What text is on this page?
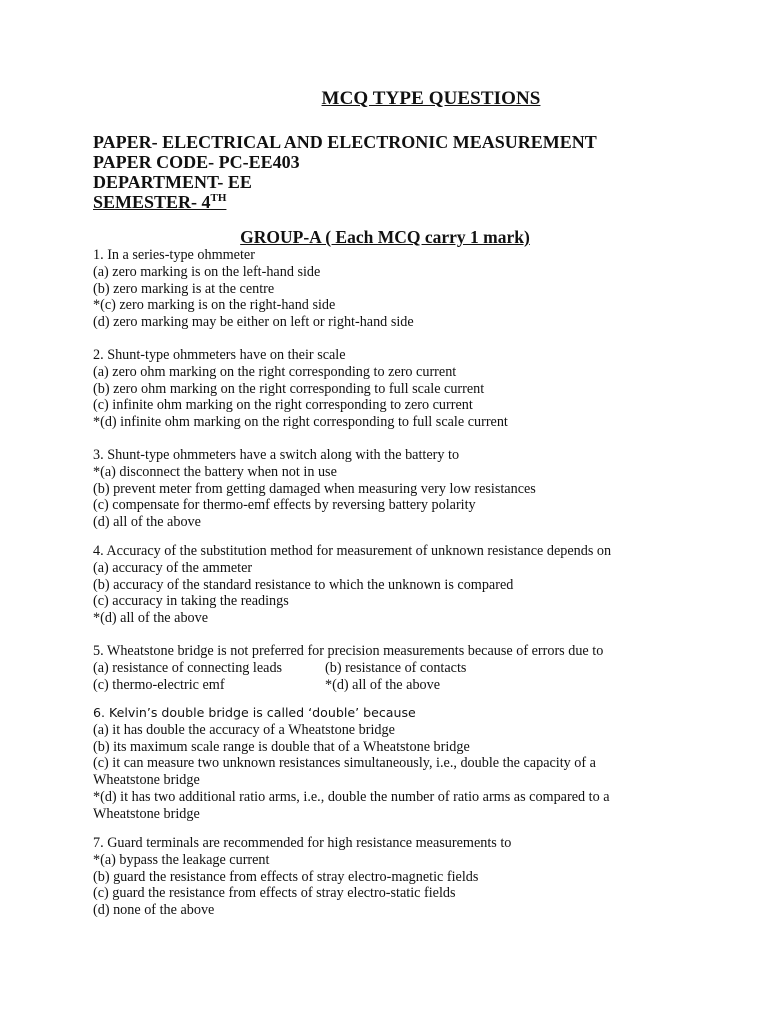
MCQ TYPE QUESTIONS
PAPER- ELECTRICAL AND ELECTRONIC MEASUREMENT
PAPER CODE- PC-EE403
DEPARTMENT- EE
SEMESTER- 4TH
GROUP-A ( Each MCQ carry 1 mark)
1. In a series-type ohmmeter
(a) zero marking is on the left-hand side
(b) zero marking is at the centre
*(c) zero marking is on the right-hand side
(d) zero marking may be either on left or right-hand side
2. Shunt-type ohmmeters have on their scale
(a) zero ohm marking on the right corresponding to zero current
(b) zero ohm marking on the right corresponding to full scale current
(c) infinite ohm marking on the right corresponding to zero current
*(d) infinite ohm marking on the right corresponding to full scale current
3. Shunt-type ohmmeters have a switch along with the battery to
*(a) disconnect the battery when not in use
(b) prevent meter from getting damaged when measuring very low resistances
(c) compensate for thermo-emf effects by reversing battery polarity
(d) all of the above
4. Accuracy of the substitution method for measurement of unknown resistance depends on
(a) accuracy of the ammeter
(b) accuracy of the standard resistance to which the unknown is compared
(c) accuracy in taking the readings
*(d) all of the above
5. Wheatstone bridge is not preferred for precision measurements because of errors due to
(a) resistance of connecting leads	(b) resistance of contacts
(c) thermo-electric emf	*(d) all of the above
6. Kelvin’s double bridge is called ‘double’ because
(a) it has double the accuracy of a Wheatstone bridge
(b) its maximum scale range is double that of a Wheatstone bridge
(c) it can measure two unknown resistances simultaneously, i.e., double the capacity of a
Wheatstone bridge
*(d) it has two additional ratio arms, i.e., double the number of ratio arms as compared to a
Wheatstone bridge
7. Guard terminals are recommended for high resistance measurements to
*(a) bypass the leakage current
(b) guard the resistance from effects of stray electro-magnetic fields
(c) guard the resistance from effects of stray electro-static fields
(d) none of the above
